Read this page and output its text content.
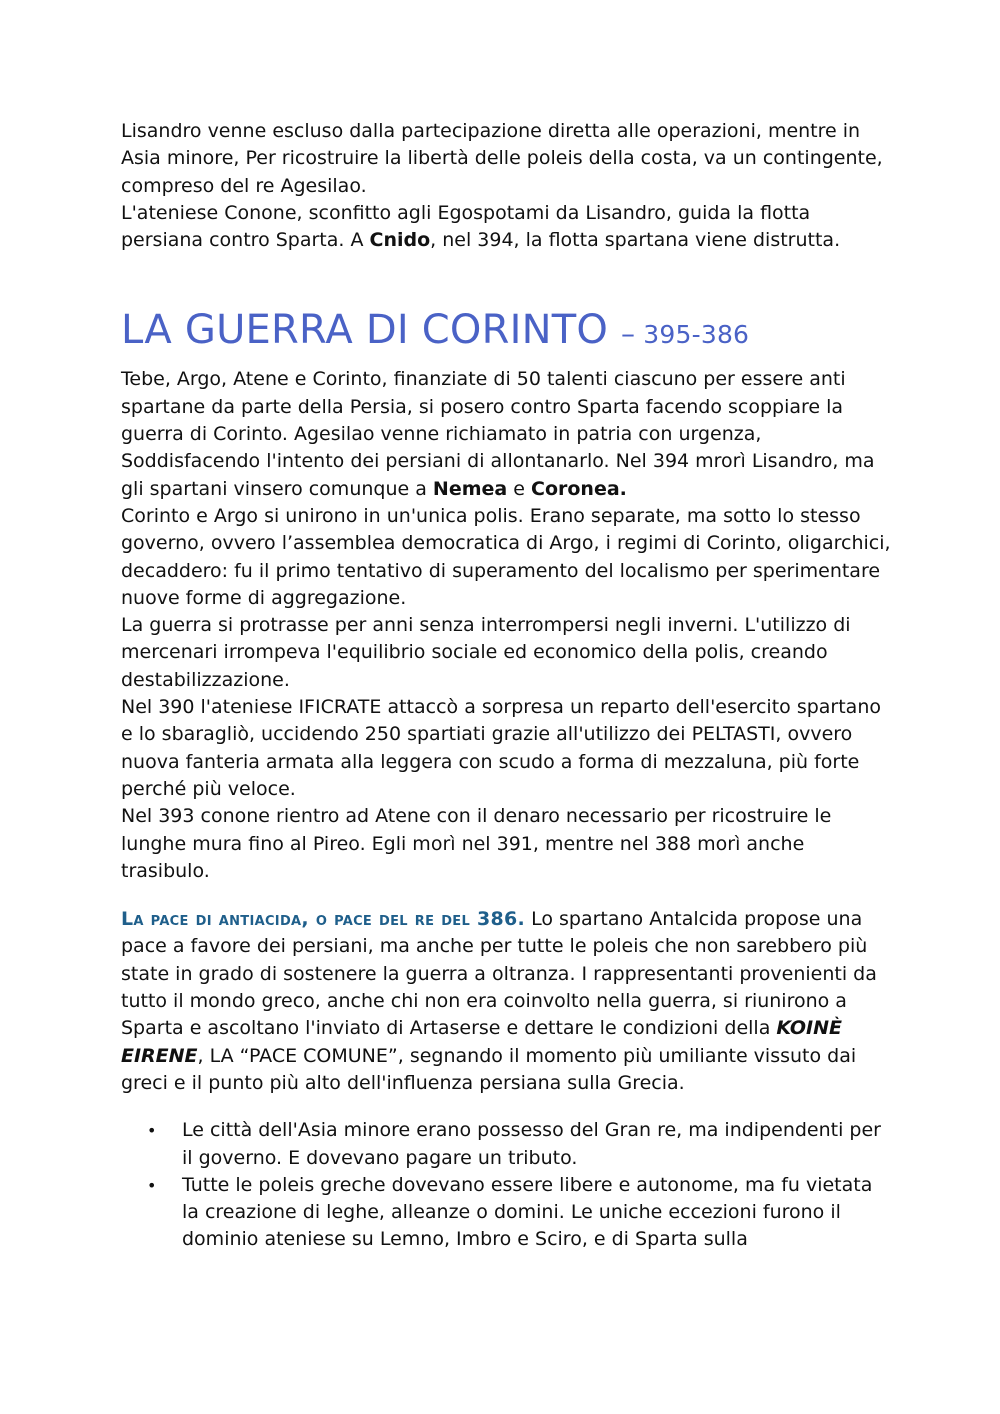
Lisandro venne escluso dalla partecipazione diretta alle operazioni, mentre in Asia minore, Per ricostruire la libertà delle poleis della costa, va un contingente, compreso del re Agesilao.

L'ateniese Conone, sconfitto agli Egospotami da Lisandro, guida la flotta persiana contro Sparta. A Cnido, nel 394, la flotta spartana viene distrutta.

LA GUERRA DI CORINTO – 395-386

Tebe, Argo, Atene e Corinto, finanziate di 50 talenti ciascuno per essere anti spartane da parte della Persia, si posero contro Sparta facendo scoppiare la guerra di Corinto. Agesilao venne richiamato in patria con urgenza, Soddisfacendo l'intento dei persiani di allontanarlo. Nel 394 mrorì Lisandro, ma gli spartani vinsero comunque a Nemea e Coronea.

Corinto e Argo si unirono in un'unica polis. Erano separate, ma sotto lo stesso governo, ovvero l’assemblea democratica di Argo, i regimi di Corinto, oligarchici, decaddero: fu il primo tentativo di superamento del localismo per sperimentare nuove forme di aggregazione.

La guerra si protrasse per anni senza interrompersi negli inverni. L'utilizzo di mercenari irrompeva l'equilibrio sociale ed economico della polis, creando destabilizzazione.

Nel 390 l'ateniese IFICRATE attaccò a sorpresa un reparto dell'esercito spartano e lo sbaragliò, uccidendo 250 spartiati grazie all'utilizzo dei PELTASTI, ovvero nuova fanteria armata alla leggera con scudo a forma di mezzaluna, più forte perché più veloce.

Nel 393 conone rientro ad Atene con il denaro necessario per ricostruire le lunghe mura fino al Pireo. Egli morì nel 391, mentre nel 388 morì anche trasibulo.

La pace di antiacida, o pace del re del 386. Lo spartano Antalcida propose una pace a favore dei persiani, ma anche per tutte le poleis che non sarebbero più state in grado di sostenere la guerra a oltranza. I rappresentanti provenienti da tutto il mondo greco, anche chi non era coinvolto nella guerra, si riunirono a Sparta e ascoltano l'inviato di Artaserse e dettare le condizioni della KOINÈ EIRENE, LA “PACE COMUNE”, segnando il momento più umiliante vissuto dai greci e il punto più alto dell'influenza persiana sulla Grecia.

• Le città dell'Asia minore erano possesso del Gran re, ma indipendenti per il governo. E dovevano pagare un tributo.
• Tutte le poleis greche dovevano essere libere e autonome, ma fu vietata la creazione di leghe, alleanze o domini. Le uniche eccezioni furono il dominio ateniese su Lemno, Imbro e Sciro, e di Sparta sulla
